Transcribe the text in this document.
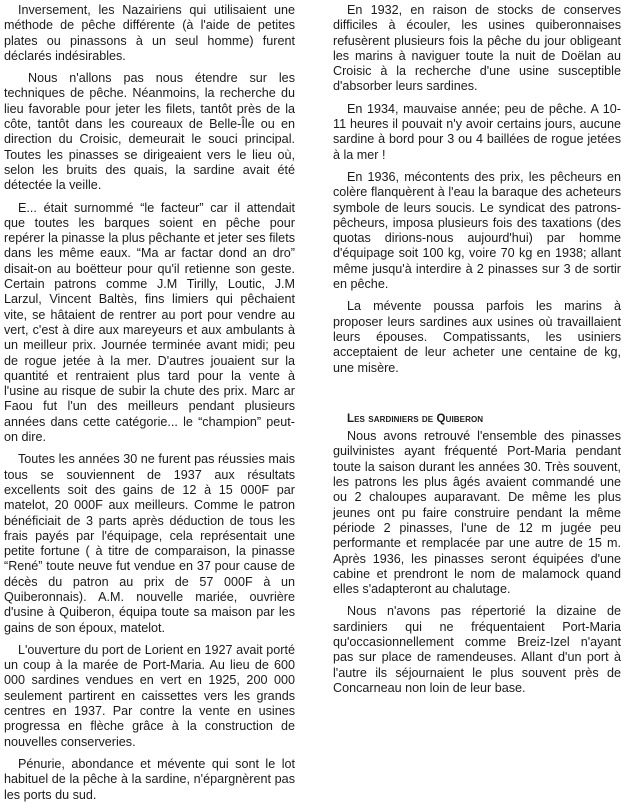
Inversement, les Nazairiens qui utilisaient une méthode de pêche différente (à l'aide de petites plates ou pinassons à un seul homme) furent déclarés indésirables.

Nous n'allons pas nous étendre sur les techniques de pêche. Néanmoins, la recherche du lieu favorable pour jeter les filets, tantôt près de la côte, tantôt dans les coureaux de Belle-Île ou en direction du Croisic, demeurait le souci principal. Toutes les pinasses se dirigeaient vers le lieu où, selon les bruits des quais, la sardine avait été détectée la veille.

E... était surnommé “le facteur” car il attendait que toutes les barques soient en pêche pour repérer la pinasse la plus pêchante et jeter ses filets dans les même eaux. “Ma ar factar dond an dro” disait-on au boëtteur pour qu'il retienne son geste. Certain patrons comme J.M Tirilly, Loutic, J.M Larzul, Vincent Baltès, fins limiers qui pêchaient vite, se hâtaient de rentrer au port pour vendre au vert, c'est à dire aux mareyeurs et aux ambulants à un meilleur prix. Journée terminée avant midi; peu de rogue jetée à la mer. D'autres jouaient sur la quantité et rentraient plus tard pour la vente à l'usine au risque de subir la chute des prix. Marc ar Faou fut l'un des meilleurs pendant plusieurs années dans cette catégorie... le “champion” peut-on dire.

Toutes les années 30 ne furent pas réussies mais tous se souviennent de 1937 aux résultats excellents soit des gains de 12 à 15 000F par matelot, 20 000F aux meilleurs. Comme le patron bénéficiait de 3 parts après déduction de tous les frais payés par l'équipage, cela représentait une petite fortune ( à titre de comparaison, la pinasse “René” toute neuve fut vendue en 37 pour cause de décès du patron au prix de 57 000F à un Quiberonnais). A.M. nouvelle mariée, ouvrière d'usine à Quiberon, équipa toute sa maison par les gains de son époux, matelot.

L'ouverture du port de Lorient en 1927 avait porté un coup à la marée de Port-Maria. Au lieu de 600 000 sardines vendues en vert en 1925, 200 000 seulement partirent en caissettes vers les grands centres en 1937. Par contre la vente en usines progressa en flèche grâce à la construction de nouvelles conserveries.

Pénurie, abondance et mévente qui sont le lot habituel de la pêche à la sardine, n'épargnèrent pas les ports du sud.

En 1932, en raison de stocks de conserves difficiles à écouler, les usines quiberonnaises refusèrent plusieurs fois la pêche du jour obligeant les marins à naviguer toute la nuit de Doëlan au Croisic à la recherche d'une usine susceptible d'absorber leurs sardines.

En 1934, mauvaise année; peu de pêche. A 10-11 heures il pouvait n'y avoir certains jours, aucune sardine à bord pour 3 ou 4 baillées de rogue jetées à la mer !

En 1936, mécontents des prix, les pêcheurs en colère flanquèrent à l'eau la baraque des acheteurs symbole de leurs soucis. Le syndicat des patrons-pêcheurs, imposa plusieurs fois des taxations (des quotas dirions-nous aujourd'hui) par homme d'équipage soit 100 kg, voire 70 kg en 1938; allant même jusqu'à interdire à 2 pinasses sur 3 de sortir en pêche.

La mévente poussa parfois les marins à proposer leurs sardines aux usines où travaillaient leurs épouses. Compatissants, les usiniers acceptaient de leur acheter une centaine de kg, une misère.

Les sardiniers de Quiberon

Nous avons retrouvé l'ensemble des pinasses guilvinistes ayant fréquenté Port-Maria pendant toute la saison durant les années 30. Très souvent, les patrons les plus âgés avaient commandé une ou 2 chaloupes auparavant. De même les plus jeunes ont pu faire construire pendant la même période 2 pinasses, l'une de 12 m jugée peu performante et remplacée par une autre de 15 m. Après 1936, les pinasses seront équipées d'une cabine et prendront le nom de malamock quand elles s'adapteront au chalutage.

Nous n'avons pas répertorié la dizaine de sardiniers qui ne fréquentaient Port-Maria qu'occasionnellement comme Breiz-Izel n'ayant pas sur place de ramendeuses. Allant d'un port à l'autre ils séjournaient le plus souvent près de Concarneau non loin de leur base.
